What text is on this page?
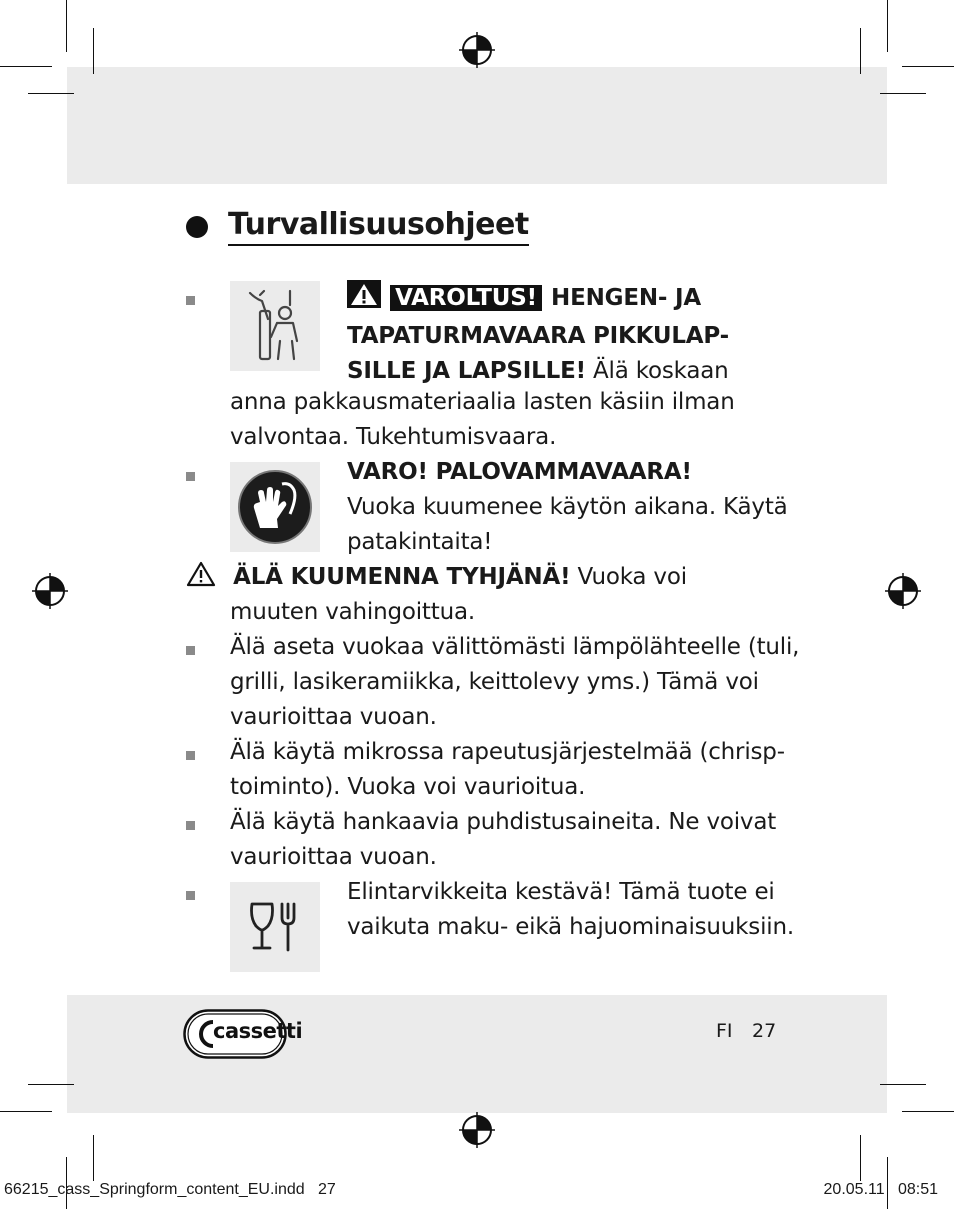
Turvallisuusohjeet
VAROLTUS! HENGEN- JA
TAPATURMAVAARA PIKKULAP-
SILLE JA LAPSILLE! Älä koskaan
anna pakkausmateriaalia lasten käsiin ilman
valvontaa. Tukehtumisvaara.
VARO! PALOVAMMAVAARA!
Vuoka kuumenee käytön aikana. Käytä
patakintaita!
ÄLÄ KUUMENNA TYHJÄNÄ! Vuoka voi
muuten vahingoittua.
Älä aseta vuokaa välittömästi lämpölähteelle (tuli,
grilli, lasikeramiikka, keittolevy yms.) Tämä voi
vaurioittaa vuoan.
Älä käytä mikrossa rapeutusjärjestelmää (chrisp-
toiminto). Vuoka voi vaurioitua.
Älä käytä hankaavia puhdistusaineita. Ne voivat
vaurioittaa vuoan.
Elintarvikkeita kestävä! Tämä tuote ei
vaikuta maku- eikä hajuominaisuuksiin.
cassetti	FI 27
66215_cass_Springform_content_EU.indd   27	20.05.11   08:51
